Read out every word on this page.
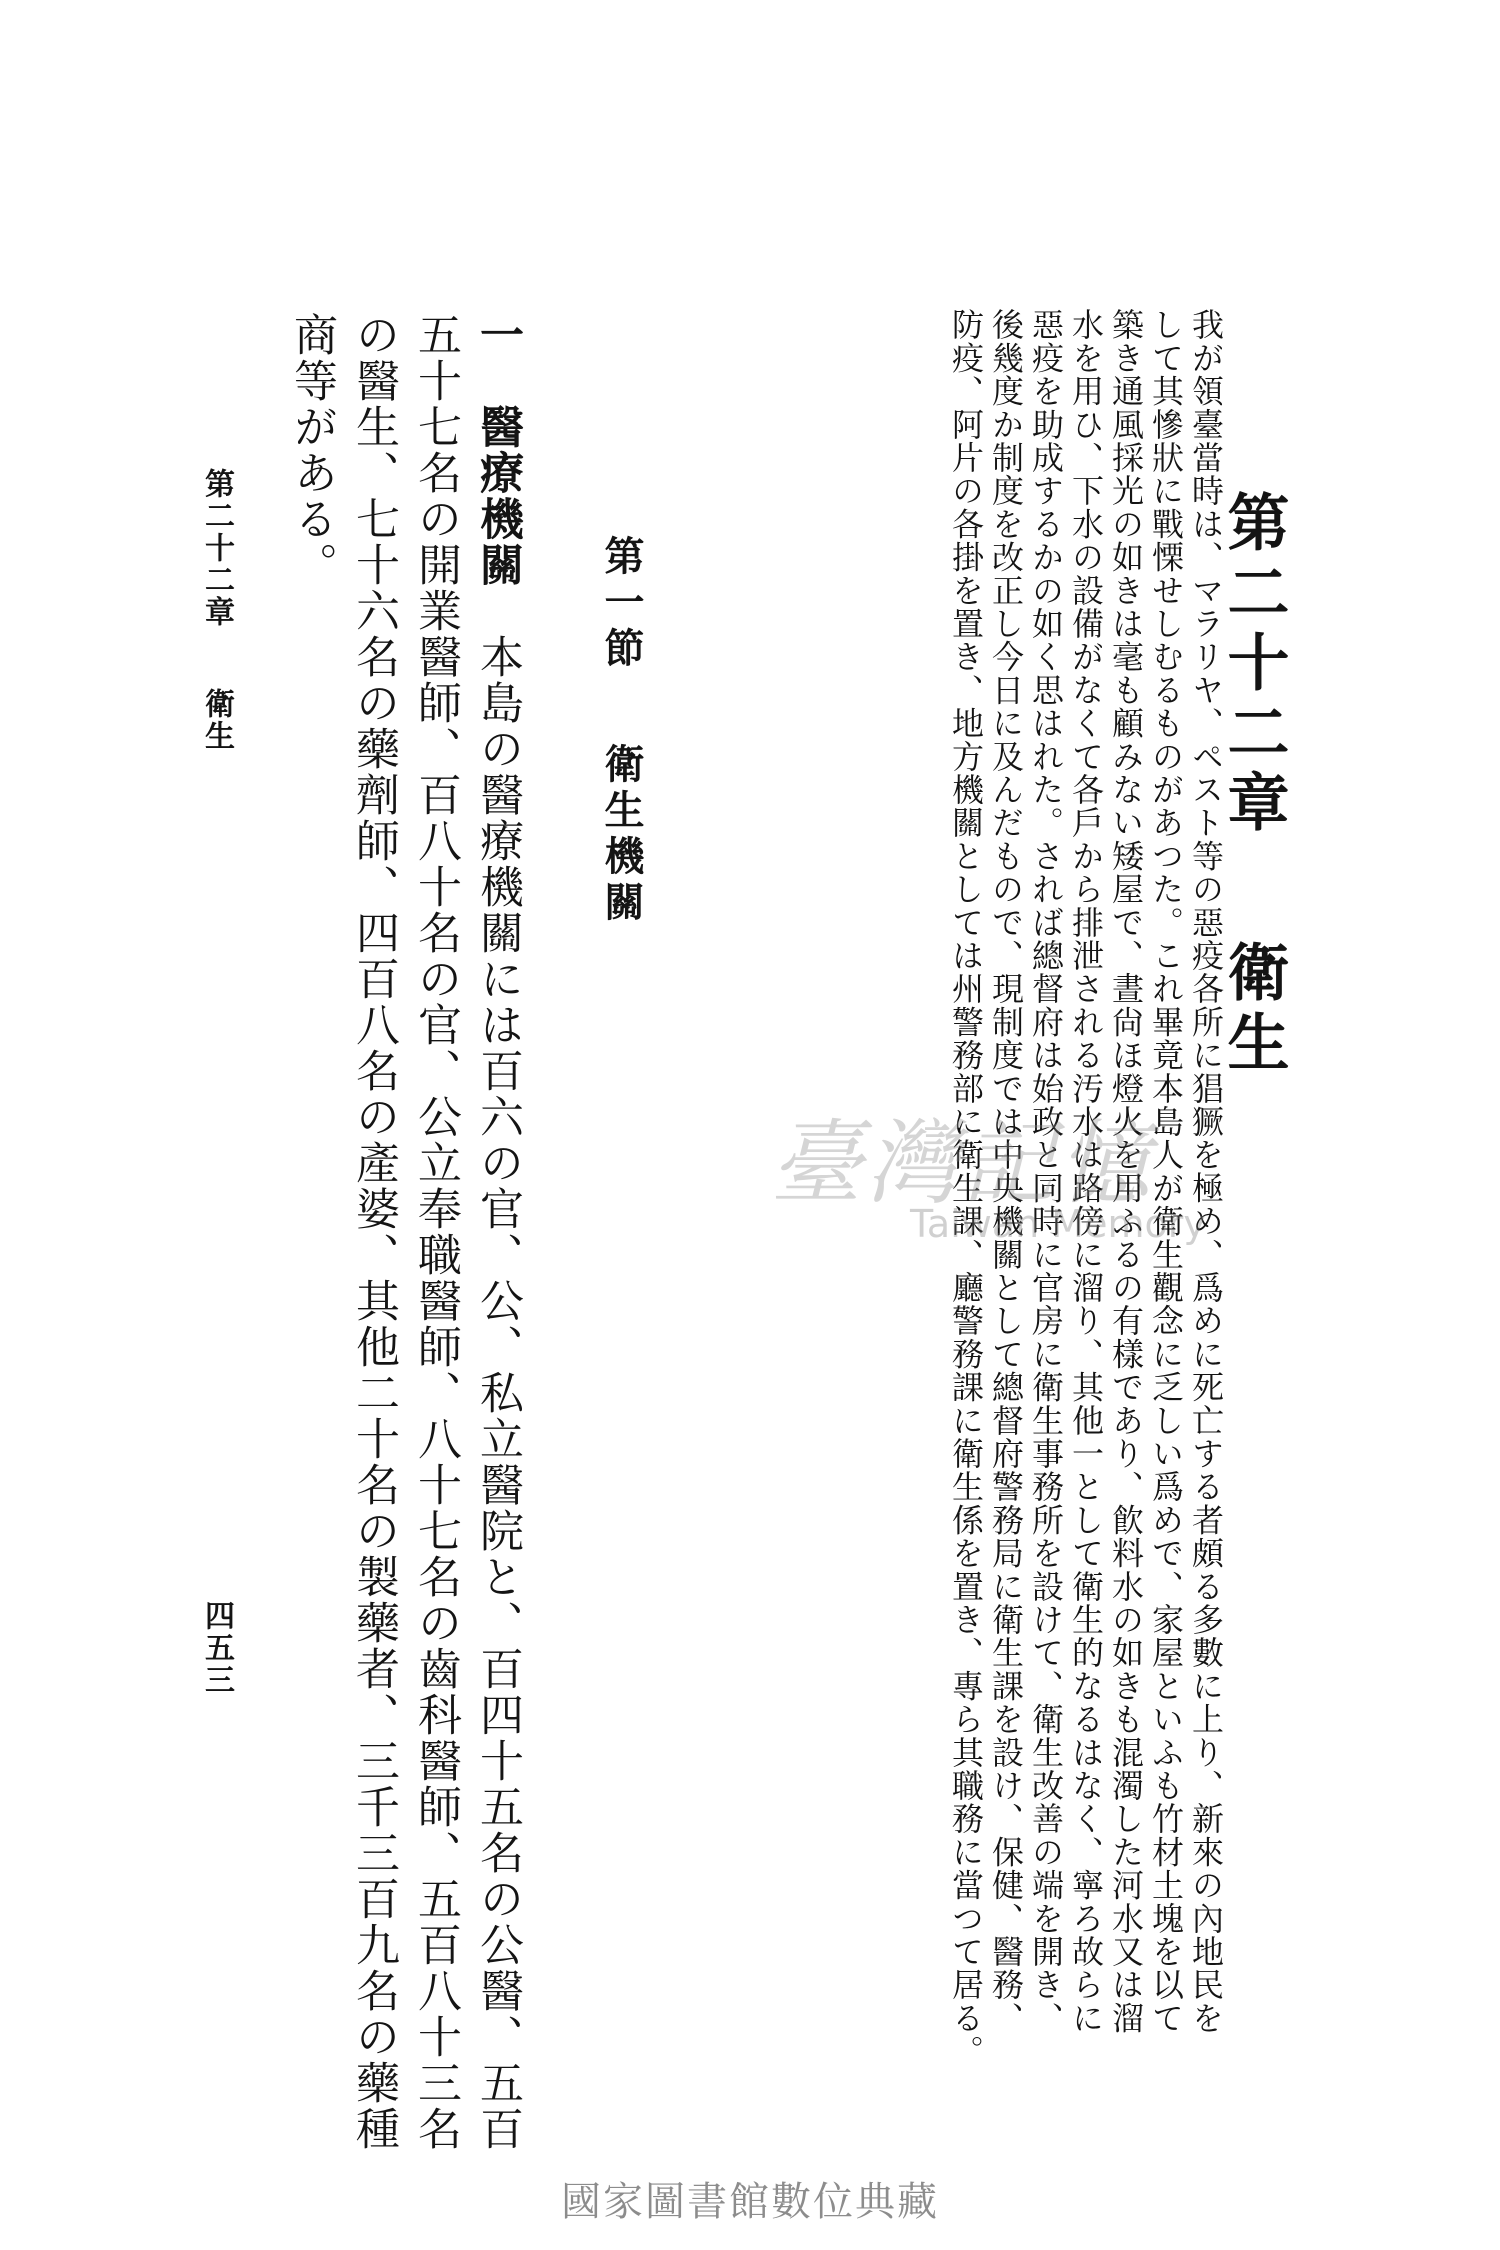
第二十二章
衛生
我が領臺當時は、マラリヤ、ペスト等の惡疫各所に猖獗を極め、爲めに死亡する者頗る多數に上り、新來の內地民を
して其慘狀に戰慄せしむるものがあつた。これ畢竟本島人が衛生觀念に乏しい爲めで、家屋といふも竹材土塊を以て
築き通風採光の如きは毫も顧みない矮屋で、晝尙ほ燈火を用ふるの有樣であり、飮料水の如きも混濁した河水又は溜
水を用ひ、下水の設備がなくて各戶から排泄される汚水は路傍に溜り、其他一として衛生的なるはなく、寧ろ故らに
惡疫を助成するかの如く思はれた。されば總督府は始政と同時に官房に衛生事務所を設けて、衛生改善の端を開き、
後幾度か制度を改正し今日に及んだもので、現制度では中央機關として總督府警務局に衛生課を設け、保健、醫務、
防疫、阿片の各掛を置き、地方機關としては州警務部に衛生課、廳警務課に衛生係を置き、專ら其職務に當つて居る。
第一節衛生機關
一　醫療機關　本島の醫療機關には百六の官、公、私立醫院と、百四十五名の公醫、五百
五十七名の開業醫師、百八十名の官、公立奉職醫師、八十七名の齒科醫師、五百八十三名
の醫生、七十六名の藥劑師、四百八名の產婆、其他二十名の製藥者、三千三百九名の藥種
商等がある。
第二十二章衛生
四五三
臺灣記憶
Taiwan Memory
國家圖書館數位典藏
